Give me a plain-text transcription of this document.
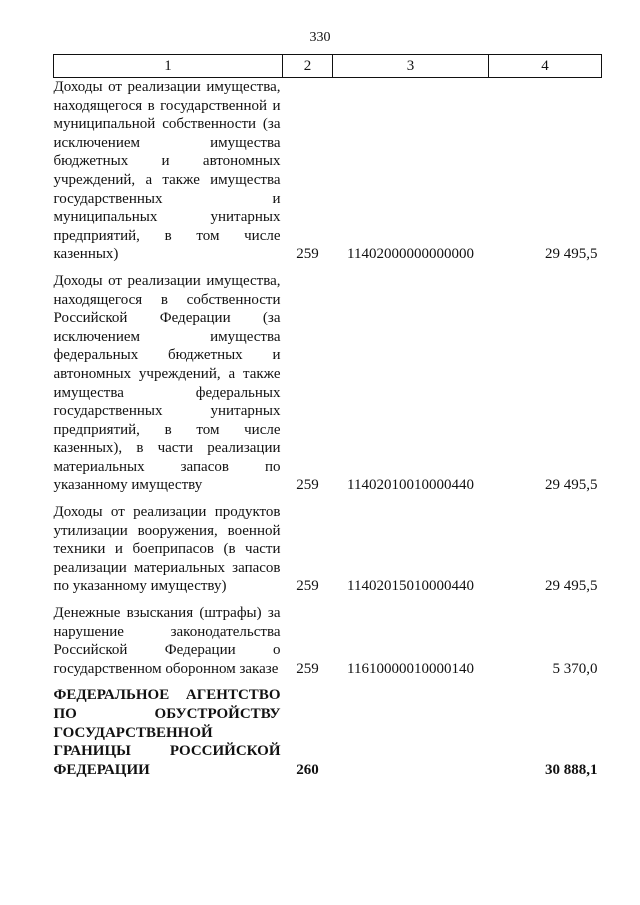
330
1	2	3	4
Доходы от реализации имущества, находящегося в государственной и муниципальной собственности (за исключением имущества бюджетных и автономных учреждений, а также имущества государственных и муниципальных унитарных предприятий, в том числе казенных)	259	11402000000000000	29 495,5

Доходы от реализации имущества, находящегося в собственности Российской Федерации (за исключением имущества федеральных бюджетных и автономных учреждений, а также имущества федеральных государственных унитарных предприятий, в том числе казенных), в части реализации материальных запасов по указанному имуществу	259	11402010010000440	29 495,5

Доходы от реализации продуктов утилизации вооружения, военной техники и боеприпасов (в части реализации материальных запасов по указанному имуществу)	259	11402015010000440	29 495,5

Денежные взыскания (штрафы) за нарушение законодательства Российской Федерации о государственном оборонном заказе	259	11610000010000140	5 370,0

ФЕДЕРАЛЬНОЕ АГЕНТСТВО ПО ОБУСТРОЙСТВУ ГОСУДАРСТВЕННОЙ ГРАНИЦЫ РОССИЙСКОЙ ФЕДЕРАЦИИ	260		30 888,1
